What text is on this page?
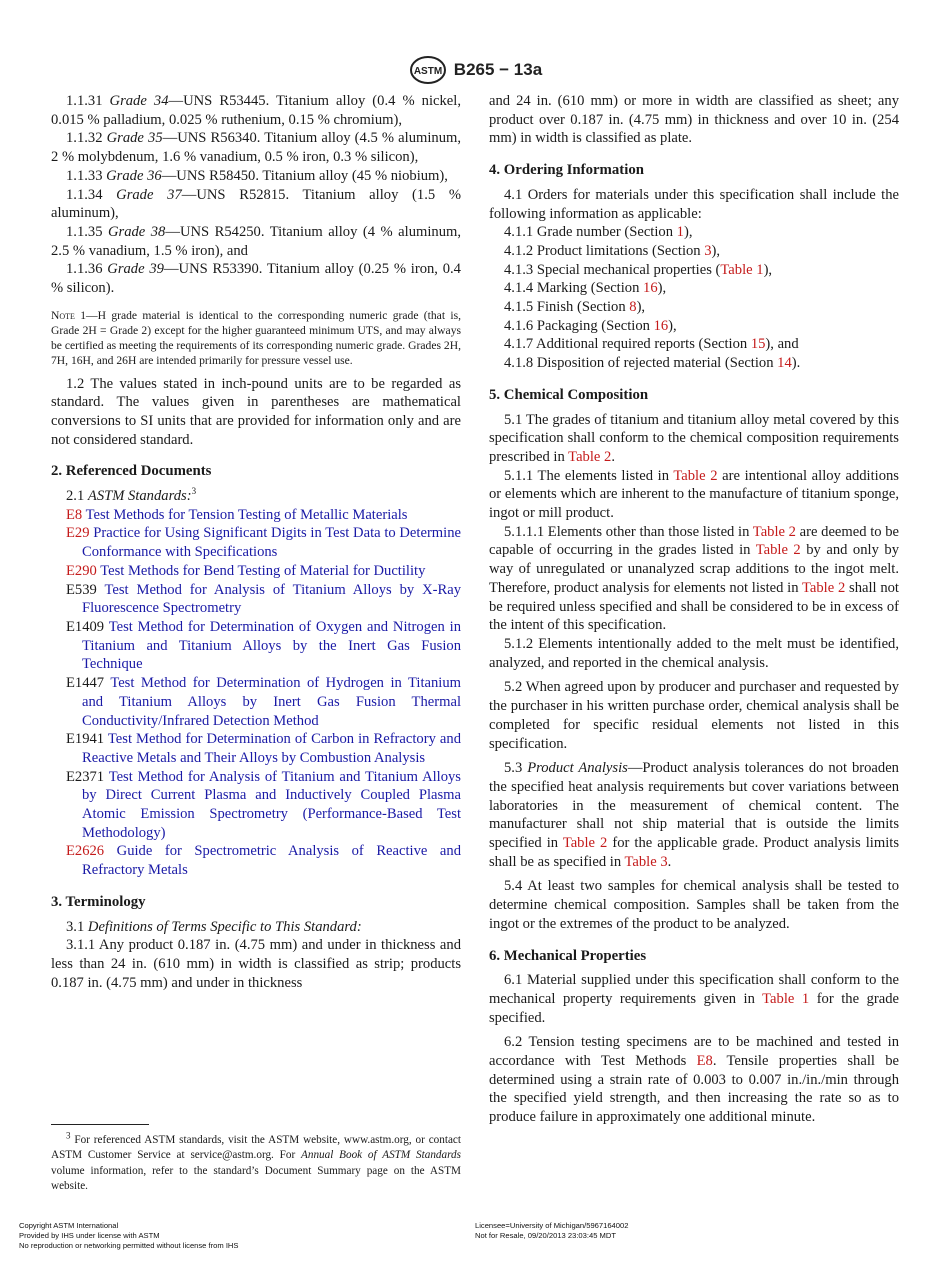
ASTM B265 − 13a

1.1.31 Grade 34—UNS R53445. Titanium alloy (0.4 % nickel, 0.015 % palladium, 0.025 % ruthenium, 0.15 % chromium),

1.1.32 Grade 35—UNS R56340. Titanium alloy (4.5 % aluminum, 2 % molybdenum, 1.6 % vanadium, 0.5 % iron, 0.3 % silicon),

1.1.33 Grade 36—UNS R58450. Titanium alloy (45 % niobium),

1.1.34 Grade 37—UNS R52815. Titanium alloy (1.5 % aluminum),

1.1.35 Grade 38—UNS R54250. Titanium alloy (4 % aluminum, 2.5 % vanadium, 1.5 % iron), and

1.1.36 Grade 39—UNS R53390. Titanium alloy (0.25 % iron, 0.4 % silicon).

Note 1—H grade material is identical to the corresponding numeric grade (that is, Grade 2H = Grade 2) except for the higher guaranteed minimum UTS, and may always be certified as meeting the requirements of its corresponding numeric grade. Grades 2H, 7H, 16H, and 26H are intended primarily for pressure vessel use.

1.2 The values stated in inch-pound units are to be regarded as standard. The values given in parentheses are mathematical conversions to SI units that are provided for information only and are not considered standard.

2. Referenced Documents

2.1 ASTM Standards:$^3$

E8 Test Methods for Tension Testing of Metallic Materials

E29 Practice for Using Significant Digits in Test Data to Determine Conformance with Specifications

E290 Test Methods for Bend Testing of Material for Ductility

E539 Test Method for Analysis of Titanium Alloys by X-Ray Fluorescence Spectrometry

E1409 Test Method for Determination of Oxygen and Nitrogen in Titanium and Titanium Alloys by the Inert Gas Fusion Technique

E1447 Test Method for Determination of Hydrogen in Titanium and Titanium Alloys by Inert Gas Fusion Thermal Conductivity/Infrared Detection Method

E1941 Test Method for Determination of Carbon in Refractory and Reactive Metals and Their Alloys by Combustion Analysis

E2371 Test Method for Analysis of Titanium and Titanium Alloys by Direct Current Plasma and Inductively Coupled Plasma Atomic Emission Spectrometry (Performance-Based Test Methodology)

E2626 Guide for Spectrometric Analysis of Reactive and Refractory Metals

3. Terminology

3.1 Definitions of Terms Specific to This Standard:

3.1.1 Any product 0.187 in. (4.75 mm) and under in thickness and less than 24 in. (610 mm) in width is classified as strip; products 0.187 in. (4.75 mm) and under in thickness

$^3$ For referenced ASTM standards, visit the ASTM website, www.astm.org, or contact ASTM Customer Service at service@astm.org. For Annual Book of ASTM Standards volume information, refer to the standard’s Document Summary page on the ASTM website.

and 24 in. (610 mm) or more in width are classified as sheet; any product over 0.187 in. (4.75 mm) in thickness and over 10 in. (254 mm) in width is classified as plate.

4. Ordering Information

4.1 Orders for materials under this specification shall include the following information as applicable:

4.1.1 Grade number (Section 1),

4.1.2 Product limitations (Section 3),

4.1.3 Special mechanical properties (Table 1),

4.1.4 Marking (Section 16),

4.1.5 Finish (Section 8),

4.1.6 Packaging (Section 16),

4.1.7 Additional required reports (Section 15), and

4.1.8 Disposition of rejected material (Section 14).

5. Chemical Composition

5.1 The grades of titanium and titanium alloy metal covered by this specification shall conform to the chemical composition requirements prescribed in Table 2.

5.1.1 The elements listed in Table 2 are intentional alloy additions or elements which are inherent to the manufacture of titanium sponge, ingot or mill product.

5.1.1.1 Elements other than those listed in Table 2 are deemed to be capable of occurring in the grades listed in Table 2 by and only by way of unregulated or unanalyzed scrap additions to the ingot melt. Therefore, product analysis for elements not listed in Table 2 shall not be required unless specified and shall be considered to be in excess of the intent of this specification.

5.1.2 Elements intentionally added to the melt must be identified, analyzed, and reported in the chemical analysis.

5.2 When agreed upon by producer and purchaser and requested by the purchaser in his written purchase order, chemical analysis shall be completed for specific residual elements not listed in this specification.

5.3 Product Analysis—Product analysis tolerances do not broaden the specified heat analysis requirements but cover variations between laboratories in the measurement of chemical content. The manufacturer shall not ship material that is outside the limits specified in Table 2 for the applicable grade. Product analysis limits shall be as specified in Table 3.

5.4 At least two samples for chemical analysis shall be tested to determine chemical composition. Samples shall be taken from the ingot or the extremes of the product to be analyzed.

6. Mechanical Properties

6.1 Material supplied under this specification shall conform to the mechanical property requirements given in Table 1 for the grade specified.

6.2 Tension testing specimens are to be machined and tested in accordance with Test Methods E8. Tensile properties shall be determined using a strain rate of 0.003 to 0.007 in./in./min through the specified yield strength, and then increasing the rate so as to produce failure in approximately one additional minute.

Copyright ASTM International
Provided by IHS under license with ASTM
No reproduction or networking permitted without license from IHS
Licensee=University of Michigan/5967164002
Not for Resale, 09/20/2013 23:03:45 MDT
